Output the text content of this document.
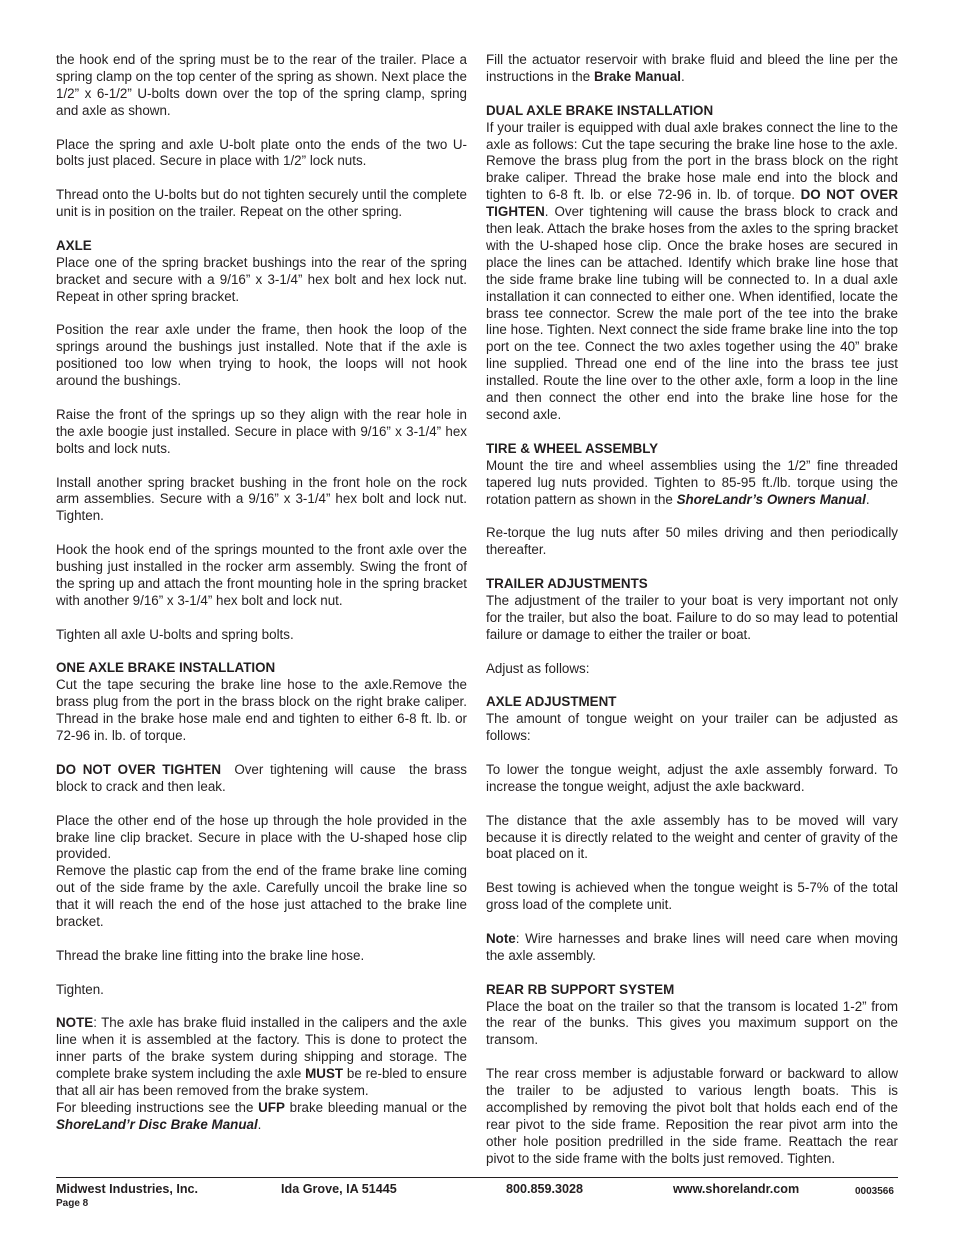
the hook end of the spring must be to the rear of the trailer. Place a spring clamp on the top center of the spring as shown. Next place the 1/2” x 6-1/2” U-bolts down over the top of the spring clamp, spring and axle as shown.

Place the spring and axle U-bolt plate onto the ends of the two U-bolts just placed. Secure in place with 1/2” lock nuts.

Thread onto the U-bolts but do not tighten securely until the complete unit is in position on the trailer. Repeat on the other spring.

AXLE

Place one of the spring bracket bushings into the rear of the spring bracket and secure with a 9/16” x 3-1/4” hex bolt and hex lock nut. Repeat in other spring bracket.

Position the rear axle under the frame, then hook the loop of the springs around the bushings just installed. Note that if the axle is positioned too low when trying to hook, the loops will not hook around the bushings.

Raise the front of the springs up so they align with the rear hole in the axle boogie just installed. Secure in place with 9/16” x 3-1/4” hex bolts and lock nuts.

Install another spring bracket bushing in the front hole on the rock arm assemblies. Secure with a 9/16” x 3-1/4” hex bolt and lock nut. Tighten.

Hook the hook end of the springs mounted to the front axle over the bushing just installed in the rocker arm assembly. Swing the front of the spring up and attach the front mounting hole in the spring bracket with another 9/16” x 3-1/4” hex bolt and lock nut.

Tighten all axle U-bolts and spring bolts.

ONE AXLE BRAKE INSTALLATION

Cut the tape securing the brake line hose to the axle.Remove the brass plug from the port in the brass block on the right brake caliper. Thread in the brake hose male end and tighten to either 6-8 ft. lb. or 72-96 in. lb. of torque.

DO NOT OVER TIGHTEN  Over tightening will cause  the brass block to crack and then leak.

Place the other end of the hose up through the hole provided in the brake line clip bracket. Secure in place with the U-shaped hose clip provided.

Remove the plastic cap from the end of the frame brake line coming out of the side frame by the axle. Carefully uncoil the brake line so that it will reach the end of the hose just attached to the brake line bracket.

Thread the brake line fitting into the brake line hose.

Tighten.

NOTE: The axle has brake fluid installed in the calipers and the axle line when it is assembled at the factory. This is done to protect the inner parts of the brake system during shipping and storage. The complete brake system including the axle MUST be re-bled to ensure that all air has been removed from the brake system.

For bleeding instructions see the UFP brake bleeding manual or the ShoreLand’r Disc Brake Manual.

Fill the actuator reservoir with brake fluid and bleed the line per the instructions in the Brake Manual.

DUAL AXLE BRAKE INSTALLATION

If your trailer is equipped with dual axle brakes connect the line to the axle as follows: Cut the tape securing the brake line hose to the axle. Remove the brass plug from the port in the brass block on the right brake caliper. Thread the brake hose male end into the block and tighten to 6-8 ft. lb. or else 72-96 in. lb. of torque. DO NOT OVER TIGHTEN. Over tightening will cause the brass block to crack and then leak. Attach the brake hoses from the axles to the spring bracket with the U-shaped hose clip. Once the brake hoses are secured in place the lines can be attached. Identify which brake line hose that the side frame brake line tubing will be connected to. In a dual axle installation it can connected to either one. When identified, locate the brass tee connector. Screw the male port of the tee into the brake line hose. Tighten. Next connect the side frame brake line into the top port on the tee. Connect the two axles together using the 40” brake line supplied. Thread one end of the line into the brass tee just installed. Route the line over to the other axle, form a loop in the line and then connect the other end into the brake line hose for the second axle.

TIRE & WHEEL ASSEMBLY

Mount the tire and wheel assemblies using the 1/2” fine threaded tapered lug nuts provided. Tighten to 85-95 ft./lb. torque using the rotation pattern as shown in the ShoreLandr’s Owners Manual.

Re-torque the lug nuts after 50 miles driving and then periodically thereafter.

TRAILER ADJUSTMENTS

The adjustment of the trailer to your boat is very important not only for the trailer, but also the boat. Failure to do so may lead to potential failure or damage to either the trailer or boat.

Adjust as follows:

AXLE ADJUSTMENT

The amount of tongue weight on your trailer can be adjusted as follows:

To lower the tongue weight, adjust the axle assembly forward. To increase the tongue weight, adjust the axle backward.

The distance that the axle assembly has to be moved will vary because it is directly related to the weight and center of gravity of the boat placed on it.

Best towing is achieved when the tongue weight is 5-7% of the total gross load of the complete unit.

Note: Wire harnesses and brake lines will need care when moving the axle assembly.

REAR RB SUPPORT SYSTEM

Place the boat on the trailer so that the transom is located 1-2” from the rear of the bunks. This gives you maximum support on the transom.

The rear cross member is adjustable forward or backward to allow the trailer to be adjusted to various length boats. This is accomplished by removing the pivot bolt that holds each end of the rear pivot to the side frame. Reposition the rear pivot arm into the other hole position predrilled in the side frame. Reattach the rear pivot to the side frame with the bolts just removed. Tighten.

Midwest Industries, Inc.	Ida Grove, IA 51445	800.859.3028	www.shorelandr.com	0003566
Page 8
